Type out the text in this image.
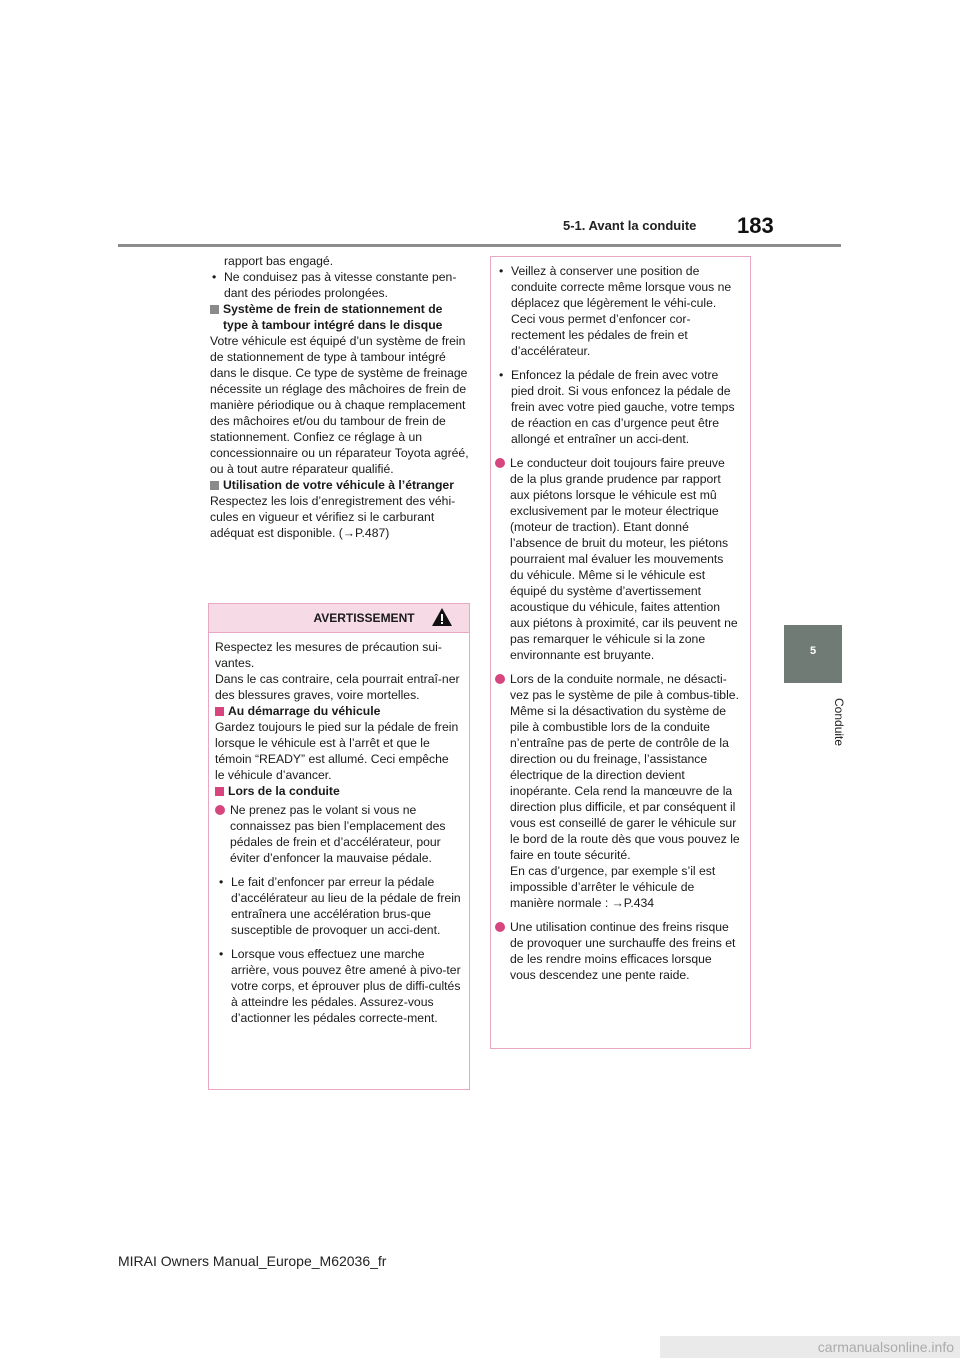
5-1. Avant la conduite 183
5
Conduite

rapport bas engagé.

• Ne conduisez pas à vitesse constante pen-dant des périodes prolongées.

Système de frein de stationnement de type à tambour intégré dans le disque

Votre véhicule est équipé d’un système de frein de stationnement de type à tambour intégré dans le disque. Ce type de système de freinage nécessite un réglage des mâchoires de frein de manière périodique ou à chaque remplacement des mâchoires et/ou du tambour de frein de stationnement. Confiez ce réglage à un concessionnaire ou un réparateur Toyota agréé, ou à tout autre réparateur qualifié.

Utilisation de votre véhicule à l’étranger

Respectez les lois d’enregistrement des véhi-cules en vigueur et vérifiez si le carburant adéquat est disponible. (→P.487)

AVERTISSEMENT

Respectez les mesures de précaution sui-vantes.

Dans le cas contraire, cela pourrait entraî-ner des blessures graves, voire mortelles.

Au démarrage du véhicule

Gardez toujours le pied sur la pédale de frein lorsque le véhicule est à l’arrêt et que le témoin “READY” est allumé. Ceci empêche le véhicule d’avancer.

Lors de la conduite

Ne prenez pas le volant si vous ne connaissez pas bien l’emplacement des pédales de frein et d’accélérateur, pour éviter d’enfoncer la mauvaise pédale.

• Le fait d’enfoncer par erreur la pédale d’accélérateur au lieu de la pédale de frein entraînera une accélération brus-que susceptible de provoquer un acci-dent.

• Lorsque vous effectuez une marche arrière, vous pouvez être amené à pivo-ter votre corps, et éprouver plus de diffi-cultés à atteindre les pédales. Assurez-vous d’actionner les pédales correcte-ment.

• Veillez à conserver une position de conduite correcte même lorsque vous ne déplacez que légèrement le véhi-cule. Ceci vous permet d’enfoncer cor-rectement les pédales de frein et d’accélérateur.

• Enfoncez la pédale de frein avec votre pied droit. Si vous enfoncez la pédale de frein avec votre pied gauche, votre temps de réaction en cas d’urgence peut être allongé et entraîner un acci-dent.

Le conducteur doit toujours faire preuve de la plus grande prudence par rapport aux piétons lorsque le véhicule est mû exclusivement par le moteur électrique (moteur de traction). Etant donné l’absence de bruit du moteur, les piétons pourraient mal évaluer les mouvements du véhicule. Même si le véhicule est équipé du système d’avertissement acoustique du véhicule, faites attention aux piétons à proximité, car ils peuvent ne pas remarquer le véhicule si la zone environnante est bruyante.

Lors de la conduite normale, ne désacti-vez pas le système de pile à combus-tible. Même si la désactivation du système de pile à combustible lors de la conduite n’entraîne pas de perte de contrôle de la direction ou du freinage, l’assistance électrique de la direction devient inopérante. Cela rend la manœuvre de la direction plus difficile, et par conséquent il vous est conseillé de garer le véhicule sur le bord de la route dès que vous pouvez le faire en toute sécurité.

En cas d’urgence, par exemple s’il est impossible d’arrêter le véhicule de manière normale : →P.434

Une utilisation continue des freins risque de provoquer une surchauffe des freins et de les rendre moins efficaces lorsque vous descendez une pente raide.

MIRAI Owners Manual_Europe_M62036_fr
carmanualsonline.info
